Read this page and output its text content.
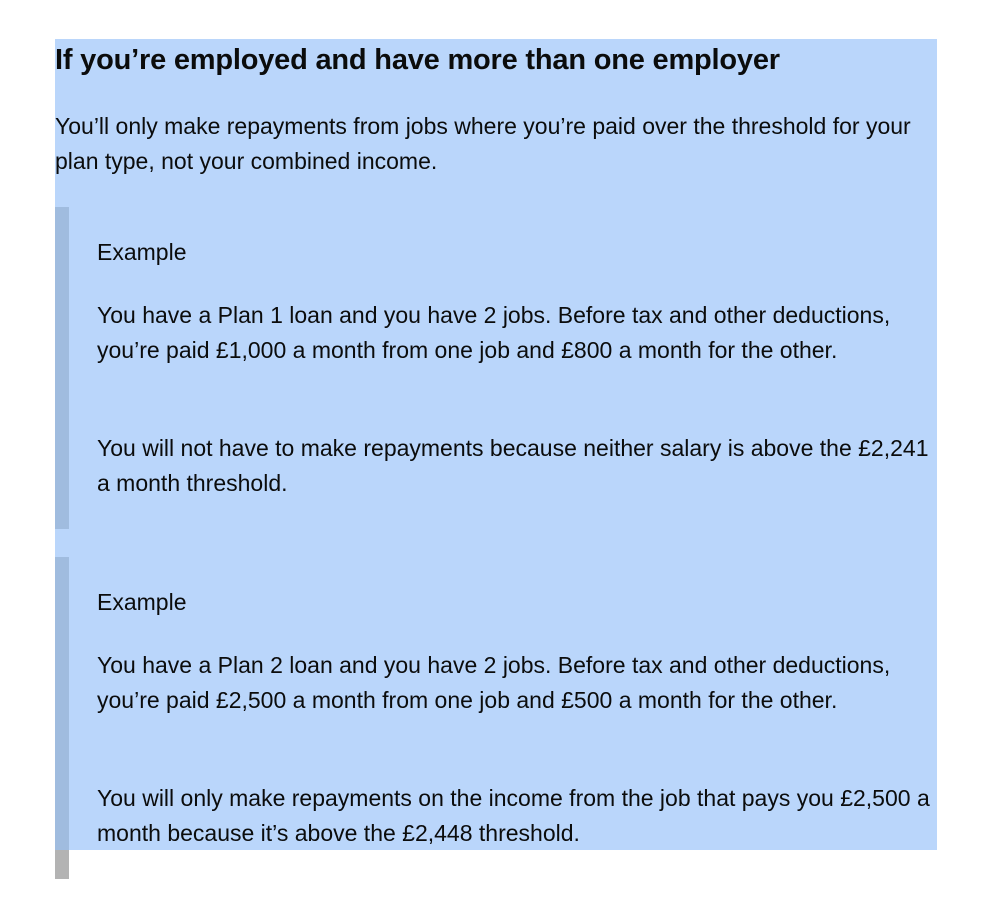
If you’re employed and have more than one employer

You’ll only make repayments from jobs where you’re paid over the threshold for your plan type, not your combined income.

Example

You have a Plan 1 loan and you have 2 jobs. Before tax and other deductions, you’re paid £1,000 a month from one job and £800 a month for the other.

You will not have to make repayments because neither salary is above the £2,241 a month threshold.

Example

You have a Plan 2 loan and you have 2 jobs. Before tax and other deductions, you’re paid £2,500 a month from one job and £500 a month for the other.

You will only make repayments on the income from the job that pays you £2,500 a month because it’s above the £2,448 threshold.
